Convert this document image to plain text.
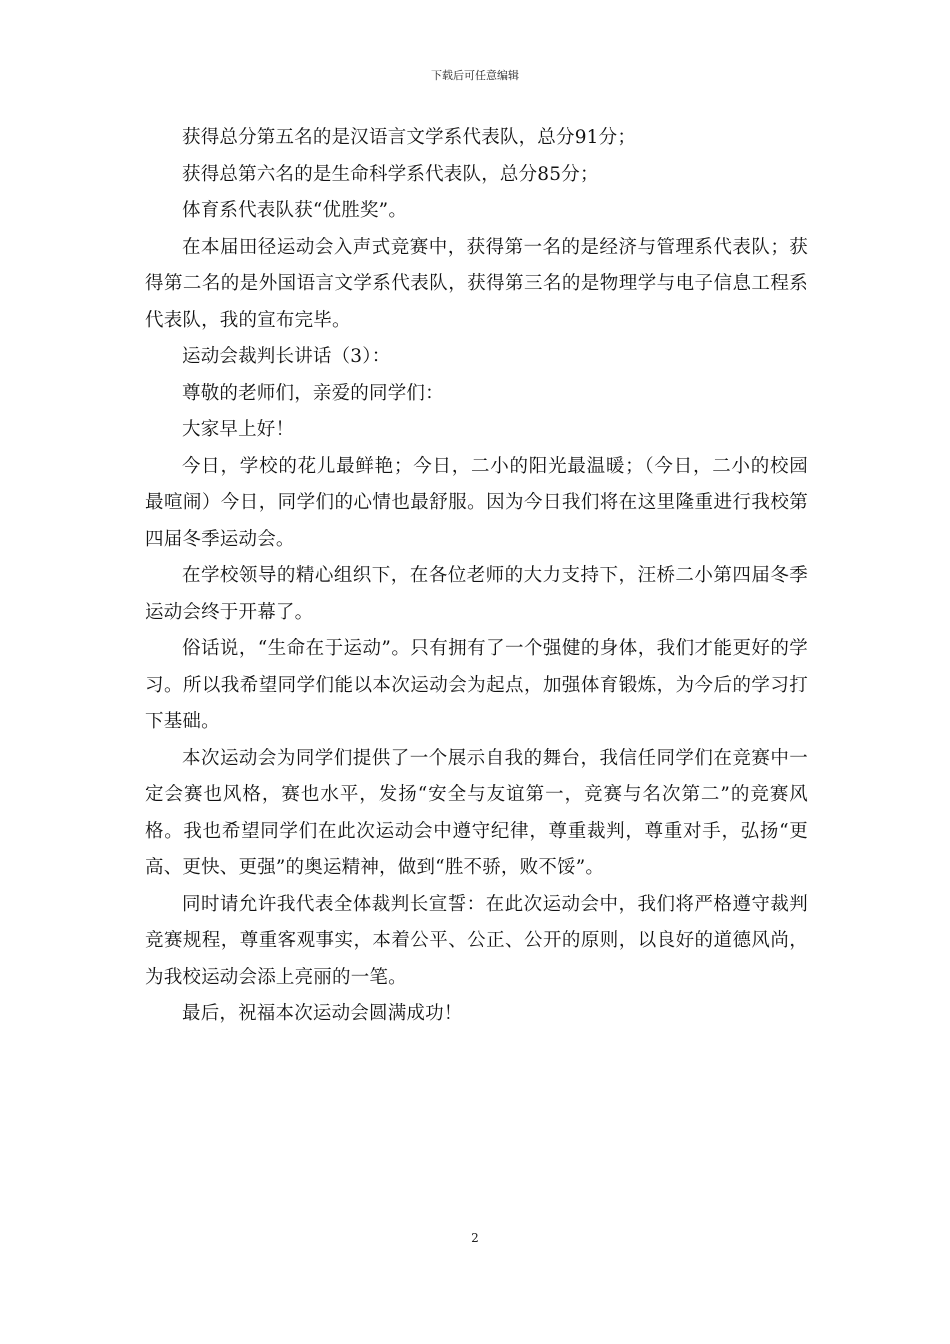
下载后可任意编辑

获得总分第五名的是汉语言文学系代表队，总分91分；

获得总第六名的是生命科学系代表队，总分85分；

体育系代表队获“优胜奖”。

在本届田径运动会入声式竞赛中，获得第一名的是经济与管理系代表队；获得第二名的是外国语言文学系代表队，获得第三名的是物理学与电子信息工程系代表队，我的宣布完毕。

运动会裁判长讲话（3）：

尊敬的老师们，亲爱的同学们：

大家早上好！

今日，学校的花儿最鲜艳；今日，二小的阳光最温暖；（今日，二小的校园最喧闹）今日，同学们的心情也最舒服。因为今日我们将在这里隆重进行我校第四届冬季运动会。

在学校领导的精心组织下，在各位老师的大力支持下，汪桥二小第四届冬季运动会终于开幕了。

俗话说，“生命在于运动”。只有拥有了一个强健的身体，我们才能更好的学习。所以我希望同学们能以本次运动会为起点，加强体育锻炼，为今后的学习打下基础。

本次运动会为同学们提供了一个展示自我的舞台，我信任同学们在竞赛中一定会赛也风格，赛也水平，发扬“安全与友谊第一，竞赛与名次第二”的竞赛风格。我也希望同学们在此次运动会中遵守纪律，尊重裁判，尊重对手，弘扬“更高、更快、更强”的奥运精神，做到“胜不骄，败不馁”。

同时请允许我代表全体裁判长宣誓：在此次运动会中，我们将严格遵守裁判竞赛规程，尊重客观事实，本着公平、公正、公开的原则，以良好的道德风尚，为我校运动会添上亮丽的一笔。

最后，祝福本次运动会圆满成功！

2
